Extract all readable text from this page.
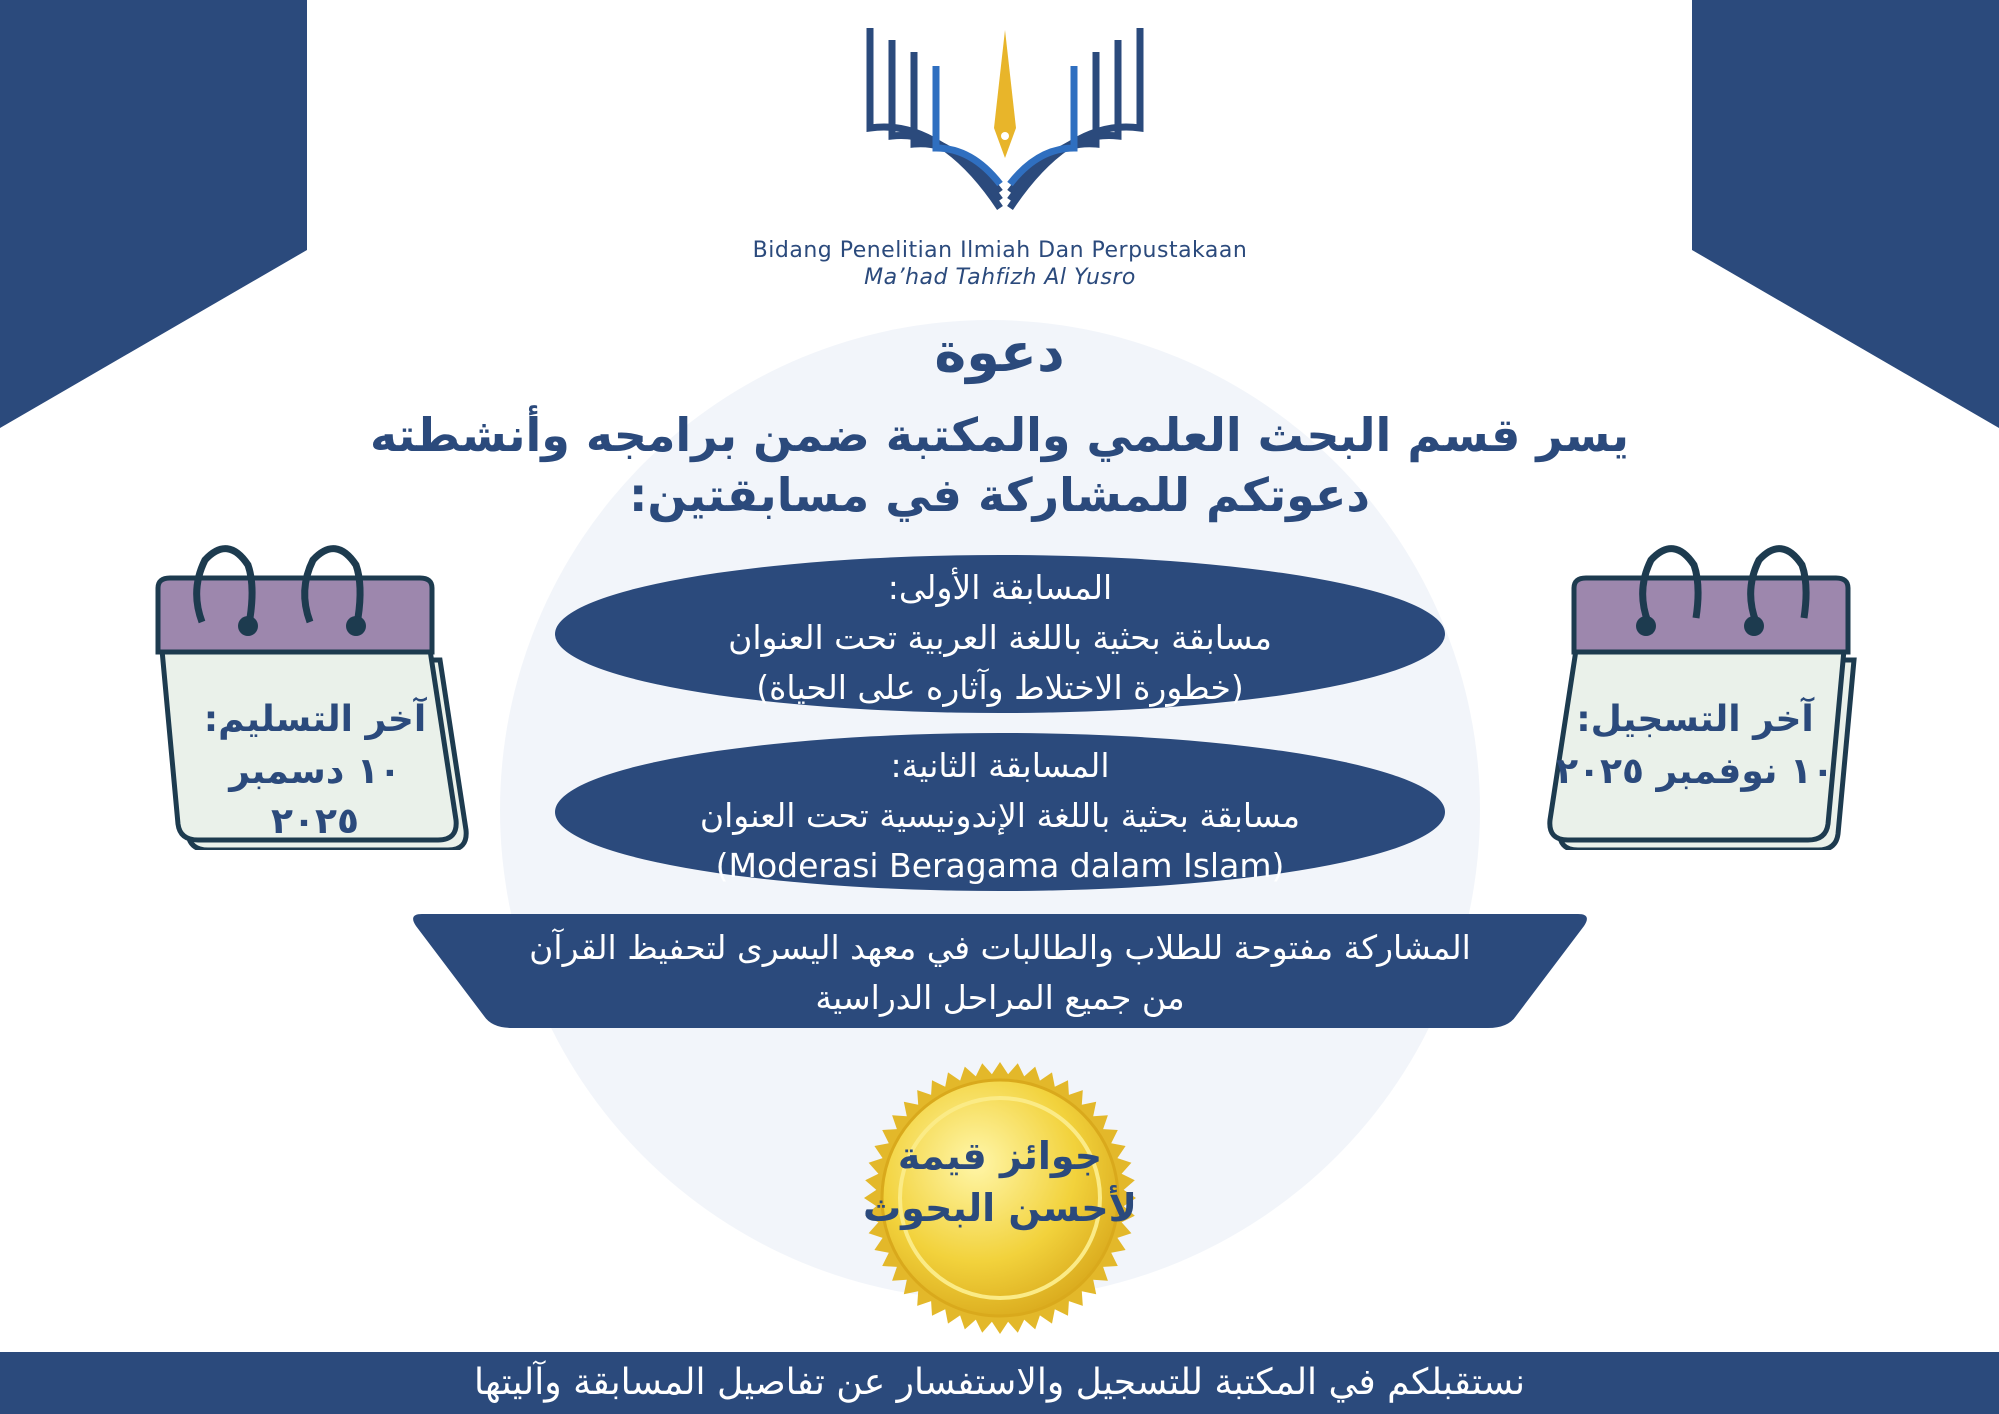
Bidang Penelitian Ilmiah Dan Perpustakaan
Ma’had Tahfizh Al Yusro
دعوة
يسر قسم البحث العلمي والمكتبة ضمن برامجه وأنشطته
دعوتكم للمشاركة في مسابقتين:
المسابقة الأولى:
مسابقة بحثية باللغة العربية تحت العنوان
(خطورة الاختلاط وآثاره على الحياة)
المسابقة الثانية:
مسابقة بحثية باللغة الإندونيسية تحت العنوان
(Moderasi Beragama dalam Islam)
المشاركة مفتوحة للطلاب والطالبات في معهد اليسرى لتحفيظ القرآن
من جميع المراحل الدراسية
آخر التسليم:
١٠ دسمبر ٢٠٢٥
آخر التسجيل:
١٠ نوفمبر ٢٠٢٥
جوائز قيمة
لأحسن البحوث
نستقبلكم في المكتبة للتسجيل والاستفسار عن تفاصيل المسابقة وآليتها
